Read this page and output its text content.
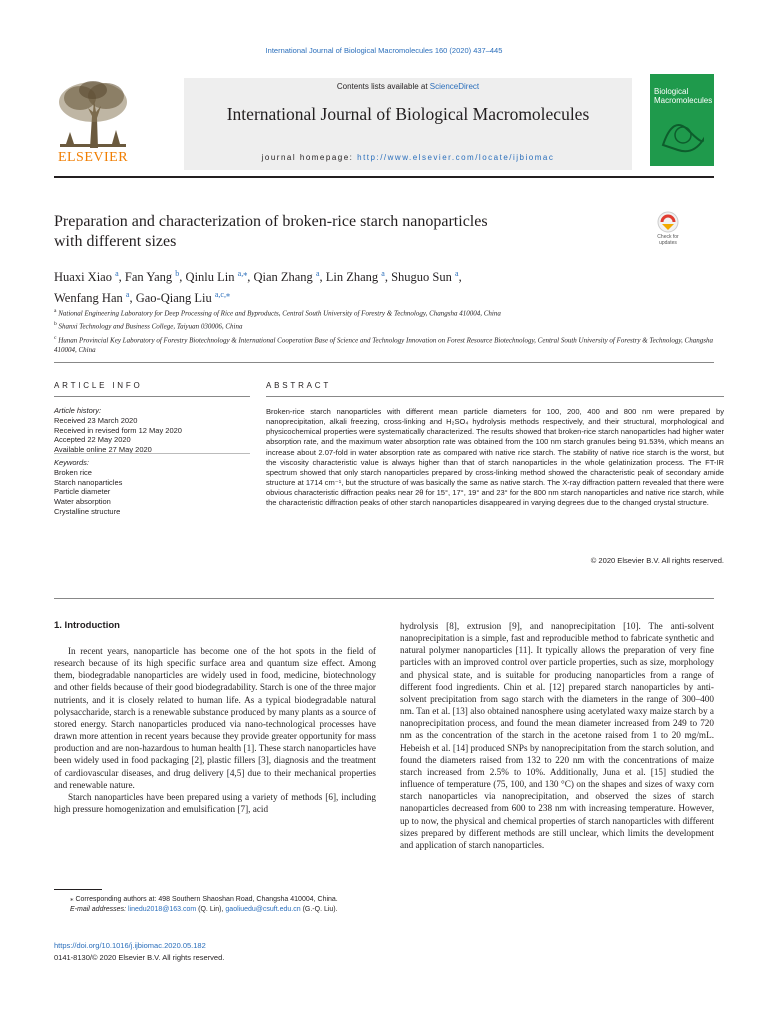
International Journal of Biological Macromolecules 160 (2020) 437–445
ELSEVIER
Contents lists available at ScienceDirect
International Journal of Biological Macromolecules
journal homepage: http://www.elsevier.com/locate/ijbiomac
Biological
Macromolecules
Preparation and characterization of broken-rice starch nanoparticles
with different sizes	Check for
updates
Huaxi Xiao $^a$, Fan Yang $^b$, Qinlu Lin $^{a,⁎}$, Qian Zhang $^a$, Lin Zhang $^a$, Shuguo Sun $^a$,
Wenfang Han $^a$, Gao-Qiang Liu $^{a,c,⁎}$
$^a$ National Engineering Laboratory for Deep Processing of Rice and Byproducts, Central South University of Forestry & Technology, Changsha 410004, China
$^b$ Shanxi Technology and Business College, Taiyuan 030006, China
$^c$ Hunan Provincial Key Laboratory of Forestry Biotechnology & International Cooperation Base of Science and Technology Innovation on Forest Resource Biotechnology, Central South University of Forestry & Technology, Changsha 410004, China
ARTICLE INFO
Article history:
Received 23 March 2020
Received in revised form 12 May 2020
Accepted 22 May 2020
Available online 27 May 2020
Keywords:
Broken rice
Starch nanoparticles
Particle diameter
Water absorption
Crystalline structure
ABSTRACT
Broken-rice starch nanoparticles with different mean particle diameters for 100, 200, 400 and 800 nm were prepared by nanoprecipitation, alkali freezing, cross-linking and H₂SO₄ hydrolysis methods respectively, and their structural, morphological and physicochemical properties were systematically characterized. The results showed that broken-rice starch nanoparticles had higher water absorption rate, and the maximum water absorption rate was obtained from the 100 nm starch granules being 91.53%, which means an increase about 2.07-fold in water absorption rate as compared with native rice starch. The stability of native rice starch is the worst, but the viscosity characteristic value is always higher than that of starch nanoparticles in the whole gelatinization process. The FT-IR spectrum showed that only starch nanoparticles prepared by cross-linking method showed the characteristic peak of secondary amide structure at 1714 cm⁻¹, but the structure of was basically the same as native starch. The X-ray diffraction pattern revealed that there were obvious characteristic diffraction peaks near 2θ for 15°, 17°, 19° and 23° for the 800 nm starch nanoparticles and native rice starch, while the characteristic diffraction peaks of other starch nanoparticles disappeared in varying degrees due to the changed crystal structure.
© 2020 Elsevier B.V. All rights reserved.
1. Introduction

In recent years, nanoparticle has become one of the hot spots in the field of research because of its high specific surface area and quantum size effect. Among them, biodegradable nanoparticles are widely used in food, medicine, biotechnology and other fields because of their good biodegradability. Starch is one of the three major nutrients, and it is closely related to human life. As a typical biodegradable natural polysaccharide, starch is a renewable substance produced by many plants as a source of stored energy. Starch nanoparticles produced via nano-technological processes have drawn more attention in recent years because they provide greater opportunity for mass production and are non-hazardous to human health [1]. These starch nanoparticles have been widely used in food packaging [2], plastic fillers [3], diagnosis and the treatment of cardiovascular diseases, and drug delivery [4,5] due to their mechanical properties and renewable nature.

Starch nanoparticles have been prepared using a variety of methods [6], including high pressure homogenization and emulsification [7], acid

hydrolysis [8], extrusion [9], and nanoprecipitation [10]. The anti-solvent nanoprecipitation is a simple, fast and reproducible method to fabricate synthetic and natural polymer nanoparticles [11]. It typically allows the preparation of very fine particles with an improved control over particle properties, such as size, morphology and physical state, and is suitable for producing nanoparticles from a range of different food ingredients. Chin et al. [12] prepared starch nanoparticles by anti-solvent precipitation from sago starch with the diameters in the range of 300–400 nm. Tan et al. [13] also obtained nanosphere using acetylated waxy maize starch by a nanoprecipitation process, and found the mean diameter increased from 249 to 720 nm as the concentration of the starch in the acetone raised from 1 to 20 mg/mL. Hebeish et al. [14] produced SNPs by nanoprecipitation from the starch solution, and found the diameters raised from 132 to 220 nm with the concentrations of maize starch increased from 2.5% to 10%. Additionally, Juna et al. [15] studied the influence of temperature (75, 100, and 130 °C) on the shapes and sizes of waxy corn starch nanoparticles via nanoprecipitation, and observed the sizes of starch nanoparticles decreased from 600 to 238 nm with increasing temperature. However, up to now, the physical and chemical properties of starch nanoparticles with different sizes prepared by different methods are still unclear, which limits the development and application of starch nanoparticles.

⁎ Corresponding authors at: 498 Southern Shaoshan Road, Changsha 410004, China.
E-mail addresses: linedu2018@163.com (Q. Lin), gaoliuedu@csuft.edu.cn (G.-Q. Liu).
https://doi.org/10.1016/j.ijbiomac.2020.05.182
0141-8130/© 2020 Elsevier B.V. All rights reserved.
